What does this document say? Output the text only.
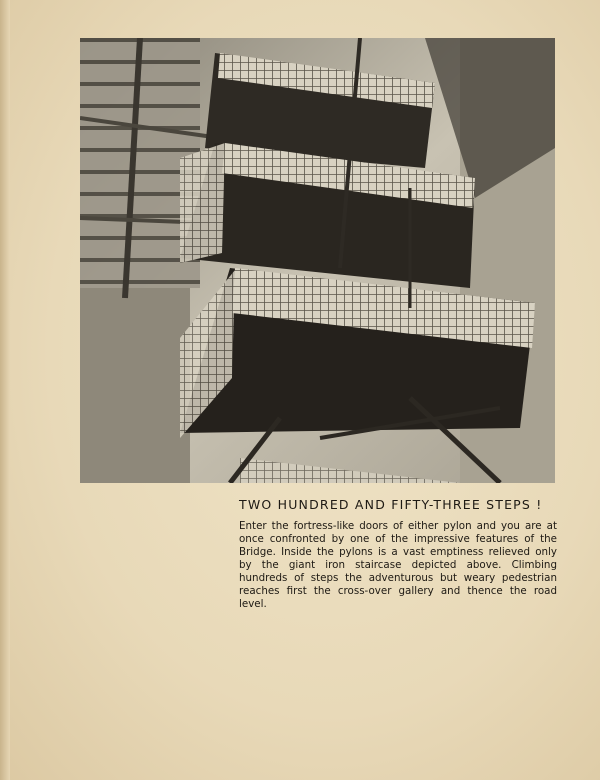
TWO HUNDRED AND FIFTY-THREE STEPS !

Enter the fortress-like doors of either pylon and you are at once confronted by one of the impressive features of the Bridge. Inside the pylons is a vast emptiness relieved only by the giant iron staircase depicted above. Climbing hundreds of steps the adventurous but weary pedestrian reaches first the cross-over gallery and thence the road level.
